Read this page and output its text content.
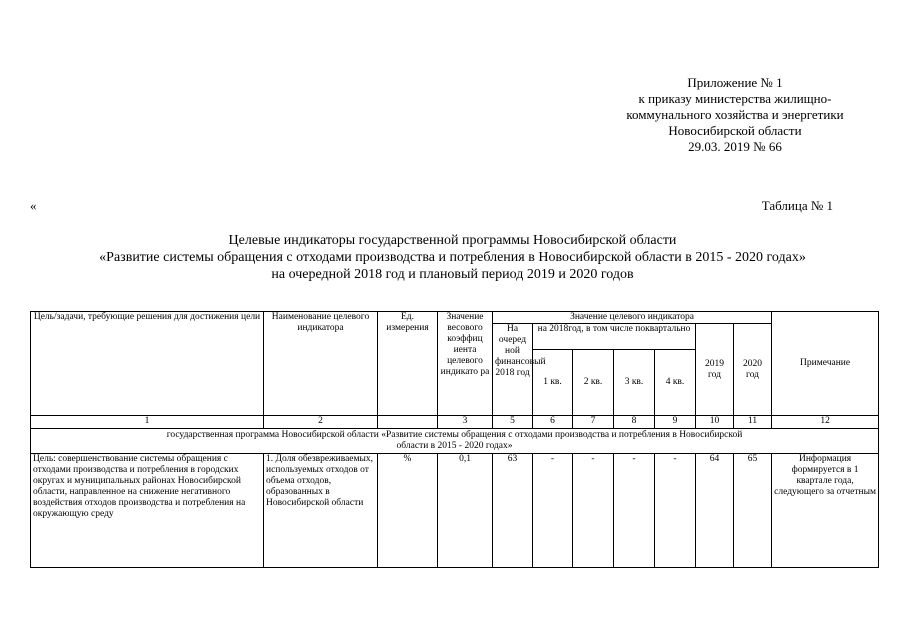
Приложение № 1
к приказу министерства жилищно-
коммунального хозяйства и энергетики
Новосибирской области
29.03. 2019 № 66
«	Таблица № 1
Целевые индикаторы государственной программы Новосибирской области
«Развитие системы обращения с отходами производства и потребления в Новосибирской области в 2015 - 2020 годах»
на очередной 2018 год и плановый период 2019 и 2020 годов
Цель/задачи, требующие решения для достижения цели	Наименование целевого индикатора	Ед. измерения	Значение весового коэффиц иента целевого индикато ра	Значение целевого индикатора							Примечание
				На очеред ной финансовый 2018 год	на 2018год, в том числе поквартально				2019 год	2020 год	
					1 кв.	2 кв.	3 кв.	4 кв.			
1	2		3	5	6	7	8	9	10	11	12
государственная программа Новосибирской области «Развитие системы обращения с отходами производства и потребления в Новосибирской области в 2015 - 2020 годах»											
Цель: совершенствование системы обращения с отходами производства и потребления в городских округах и муниципальных районах Новосибирской области, направленное на снижение негативного воздействия отходов производства и потребления на окружающую среду	1. Доля обезвреживаемых, используемых отходов от объема отходов, образованных в Новосибирской области	%	0,1	63	-	-	-	-	64	65	Информация формируется в 1 квартале года, следующего за отчетным
